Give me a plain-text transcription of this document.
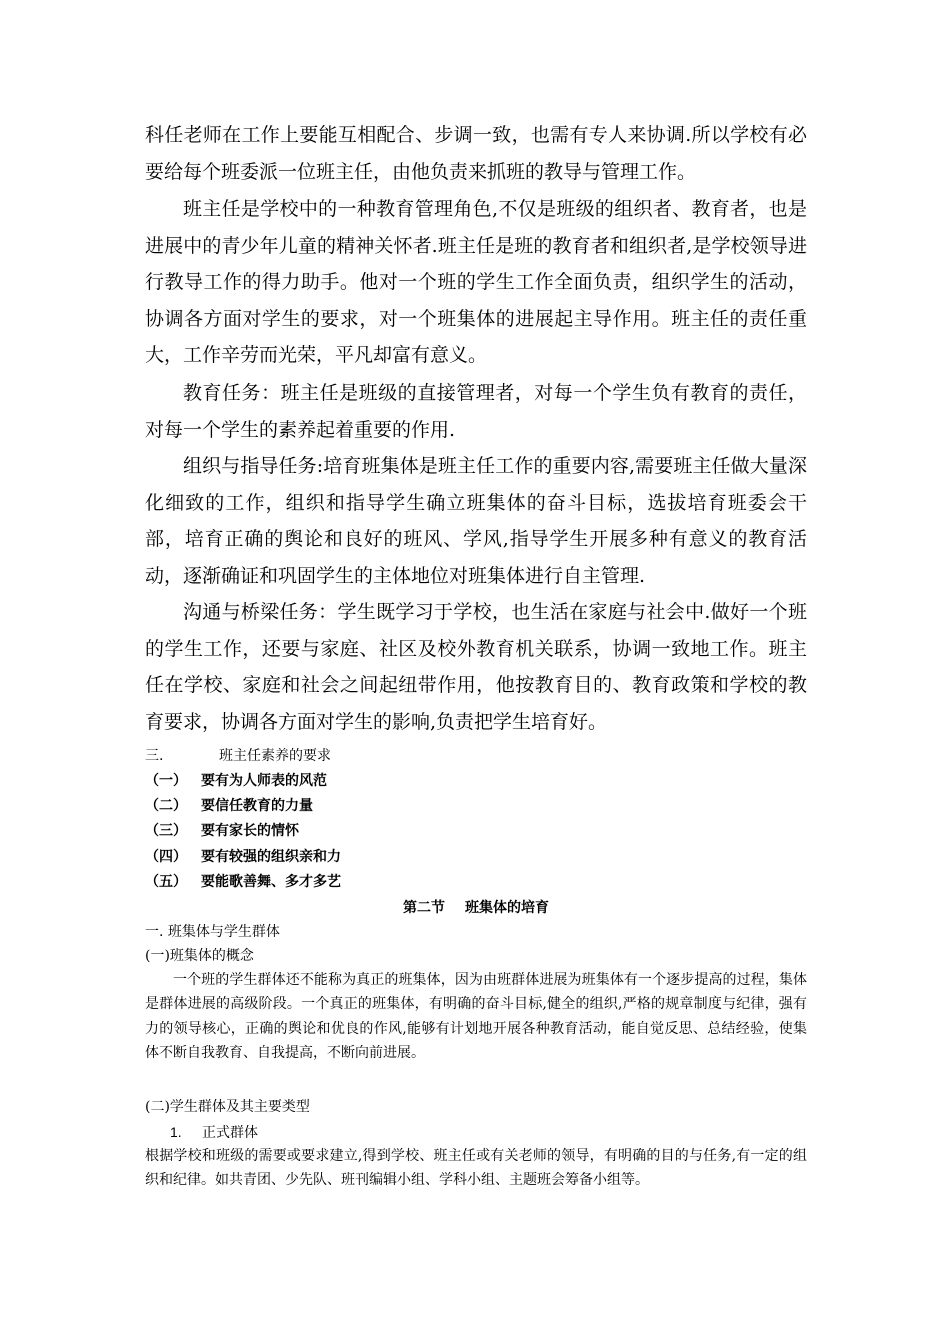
科任老师在工作上要能互相配合、步调一致，也需有专人来协调.所以学校有必要给每个班委派一位班主任，由他负责来抓班的教导与管理工作。

班主任是学校中的一种教育管理角色,不仅是班级的组织者、教育者，也是进展中的青少年儿童的精神关怀者.班主任是班的教育者和组织者,是学校领导进行教导工作的得力助手。他对一个班的学生工作全面负责，组织学生的活动，协调各方面对学生的要求，对一个班集体的进展起主导作用。班主任的责任重大，工作辛劳而光荣，平凡却富有意义。

教育任务：班主任是班级的直接管理者，对每一个学生负有教育的责任，对每一个学生的素养起着重要的作用.

组织与指导任务:培育班集体是班主任工作的重要内容,需要班主任做大量深化细致的工作，组织和指导学生确立班集体的奋斗目标，选拔培育班委会干部，培育正确的舆论和良好的班风、学风,指导学生开展多种有意义的教育活动，逐渐确证和巩固学生的主体地位对班集体进行自主管理.

沟通与桥梁任务：学生既学习于学校，也生活在家庭与社会中.做好一个班的学生工作，还要与家庭、社区及校外教育机关联系，协调一致地工作。班主任在学校、家庭和社会之间起纽带作用，他按教育目的、教育政策和学校的教育要求，协调各方面对学生的影响,负责把学生培育好。

三.	班主任素养的要求

（一） 要有为人师表的风范

（二） 要信任教育的力量

（三） 要有家长的情怀

（四） 要有较强的组织亲和力

（五） 要能歌善舞、多才多艺

第二节 班集体的培育

一. 班集体与学生群体

(一)班集体的概念

一个班的学生群体还不能称为真正的班集体，因为由班群体进展为班集体有一个逐步提高的过程，集体是群体进展的高级阶段。一个真正的班集体，有明确的奋斗目标,健全的组织,严格的规章制度与纪律，强有力的领导核心，正确的舆论和优良的作风,能够有计划地开展各种教育活动，能自觉反思、总结经验，使集体不断自我教育、自我提高，不断向前进展。

(二)学生群体及其主要类型

1. 正式群体

根据学校和班级的需要或要求建立,得到学校、班主任或有关老师的领导，有明确的目的与任务,有一定的组织和纪律。如共青团、少先队、班刊编辑小组、学科小组、主题班会筹备小组等。
